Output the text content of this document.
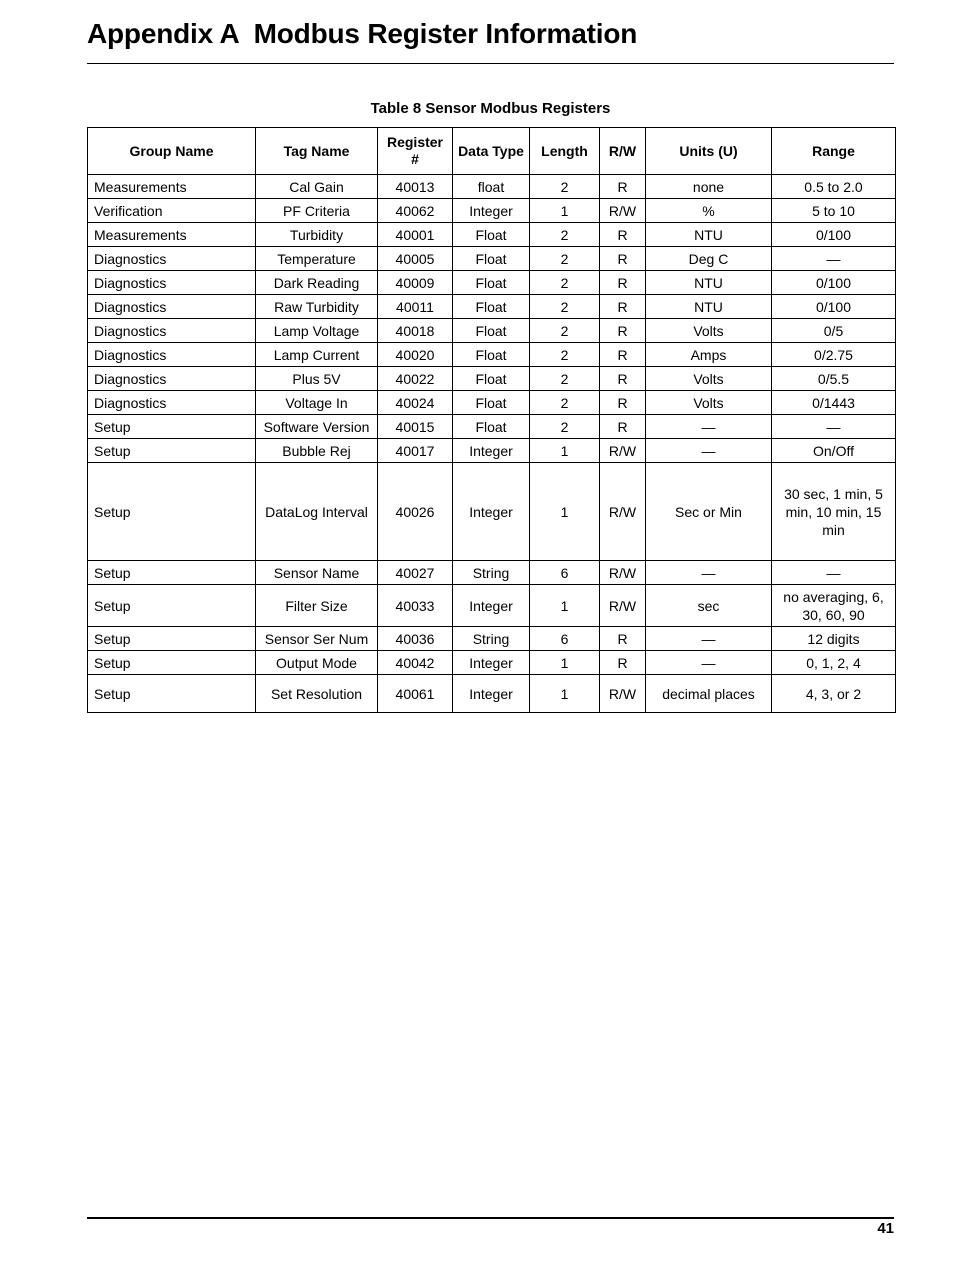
Appendix A  Modbus Register Information
Table 8 Sensor Modbus Registers
Group Name	Tag Name	Register #	Data Type	Length	R/W	Units (U)	Range
Measurements	Cal Gain	40013	float	2	R	none	0.5 to 2.0
Verification	PF Criteria	40062	Integer	1	R/W	%	5 to 10
Measurements	Turbidity	40001	Float	2	R	NTU	0/100
Diagnostics	Temperature	40005	Float	2	R	Deg C	—
Diagnostics	Dark Reading	40009	Float	2	R	NTU	0/100
Diagnostics	Raw Turbidity	40011	Float	2	R	NTU	0/100
Diagnostics	Lamp Voltage	40018	Float	2	R	Volts	0/5
Diagnostics	Lamp Current	40020	Float	2	R	Amps	0/2.75
Diagnostics	Plus 5V	40022	Float	2	R	Volts	0/5.5
Diagnostics	Voltage In	40024	Float	2	R	Volts	0/1443
Setup	Software Version	40015	Float	2	R	—	—
Setup	Bubble Rej	40017	Integer	1	R/W	—	On/Off
Setup	DataLog Interval	40026	Integer	1	R/W	Sec or Min	30 sec, 1 min, 5 min, 10 min, 15 min
Setup	Sensor Name	40027	String	6	R/W	—	—
Setup	Filter Size	40033	Integer	1	R/W	sec	no averaging, 6, 30, 60, 90
Setup	Sensor Ser Num	40036	String	6	R	—	12 digits
Setup	Output Mode	40042	Integer	1	R	—	0, 1, 2, 4
Setup	Set Resolution	40061	Integer	1	R/W	decimal places	4, 3, or 2
41
